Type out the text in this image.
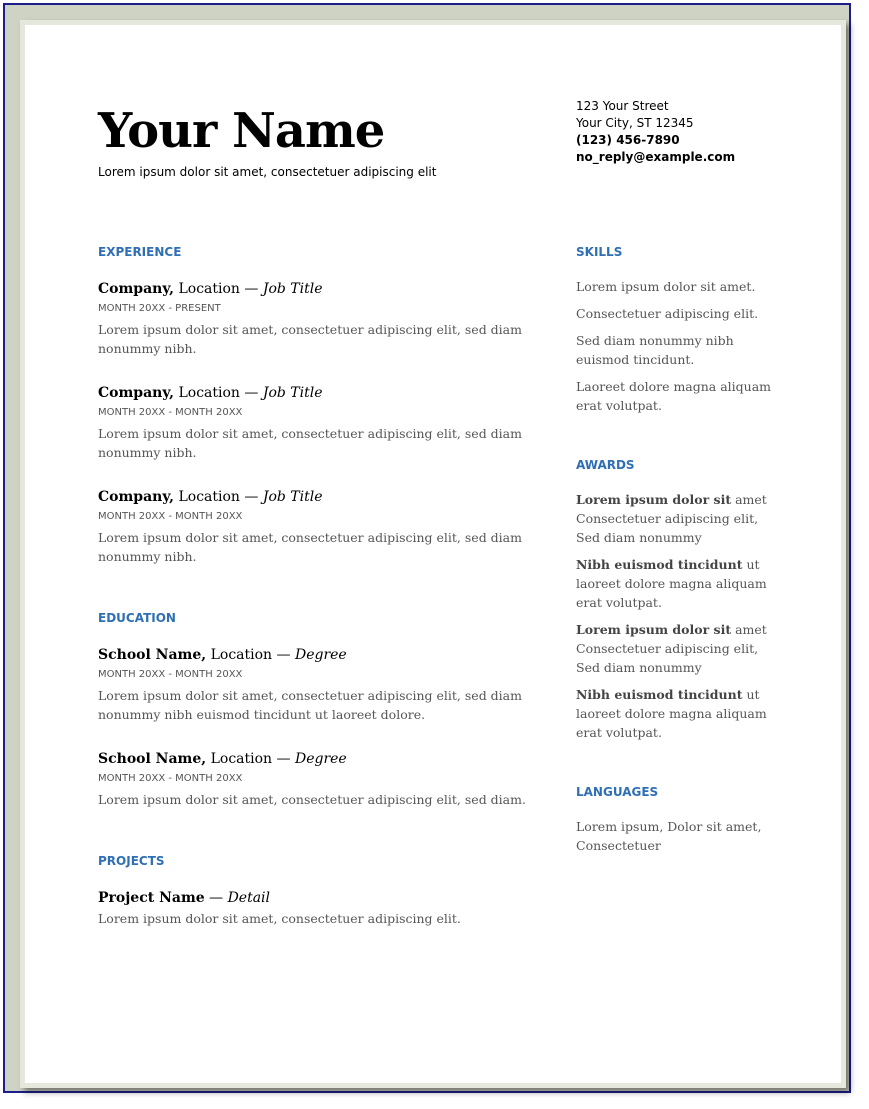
Your Name
Lorem ipsum dolor sit amet, consectetuer adipiscing elit
123 Your Street
Your City, ST 12345
(123) 456-7890
no_reply@example.com
EXPERIENCE
Company, Location — Job Title
MONTH 20XX - PRESENT
Lorem ipsum dolor sit amet, consectetuer adipiscing elit, sed diam nonummy nibh.
Company, Location — Job Title
MONTH 20XX - MONTH 20XX
Lorem ipsum dolor sit amet, consectetuer adipiscing elit, sed diam nonummy nibh.
Company, Location — Job Title
MONTH 20XX - MONTH 20XX
Lorem ipsum dolor sit amet, consectetuer adipiscing elit, sed diam nonummy nibh.
EDUCATION
School Name, Location — Degree
MONTH 20XX - MONTH 20XX
Lorem ipsum dolor sit amet, consectetuer adipiscing elit, sed diam nonummy nibh euismod tincidunt ut laoreet dolore.
School Name, Location — Degree
MONTH 20XX - MONTH 20XX
Lorem ipsum dolor sit amet, consectetuer adipiscing elit, sed diam.
PROJECTS
Project Name — Detail
Lorem ipsum dolor sit amet, consectetuer adipiscing elit.
SKILLS

Lorem ipsum dolor sit amet.

Consectetuer adipiscing elit.

Sed diam nonummy nibh euismod tincidunt.

Laoreet dolore magna aliquam erat volutpat.

AWARDS

Lorem ipsum dolor sit amet Consectetuer adipiscing elit, Sed diam nonummy

Nibh euismod tincidunt ut laoreet dolore magna aliquam erat volutpat.

Lorem ipsum dolor sit amet Consectetuer adipiscing elit, Sed diam nonummy

Nibh euismod tincidunt ut laoreet dolore magna aliquam erat volutpat.

LANGUAGES
Lorem ipsum, Dolor sit amet, Consectetuer
